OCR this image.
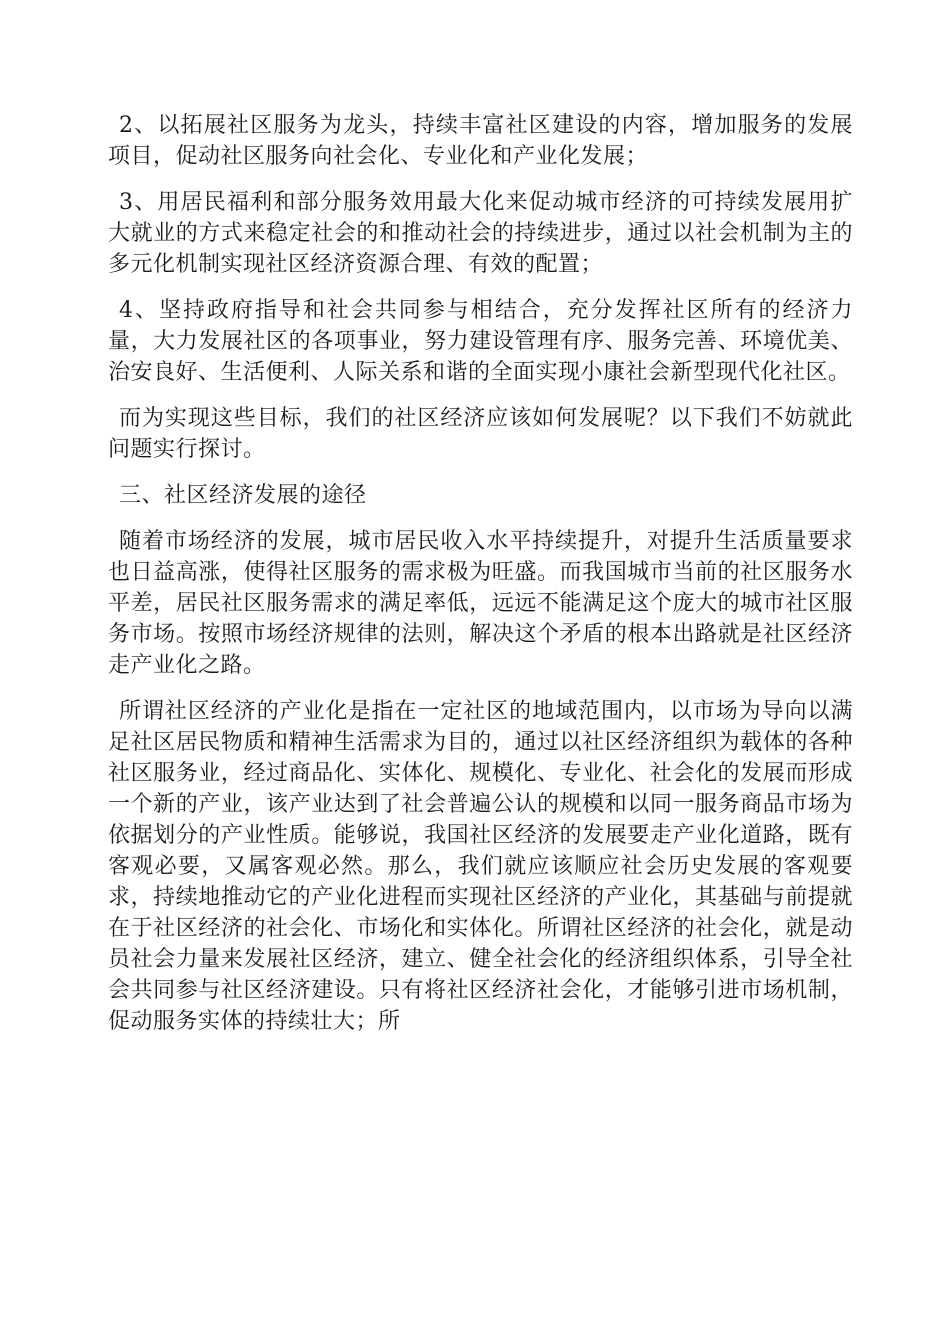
2、以拓展社区服务为龙头，持续丰富社区建设的内容，增加服务的发展项目，促动社区服务向社会化、专业化和产业化发展；

3、用居民福利和部分服务效用最大化来促动城市经济的可持续发展用扩大就业的方式来稳定社会的和推动社会的持续进步，通过以社会机制为主的多元化机制实现社区经济资源合理、有效的配置；

4、坚持政府指导和社会共同参与相结合，充分发挥社区所有的经济力量，大力发展社区的各项事业，努力建设管理有序、服务完善、环境优美、治安良好、生活便利、人际关系和谐的全面实现小康社会新型现代化社区。

而为实现这些目标，我们的社区经济应该如何发展呢？以下我们不妨就此问题实行探讨。

三、社区经济发展的途径

随着市场经济的发展，城市居民收入水平持续提升，对提升生活质量要求也日益高涨，使得社区服务的需求极为旺盛。而我国城市当前的社区服务水平差，居民社区服务需求的满足率低，远远不能满足这个庞大的城市社区服务市场。按照市场经济规律的法则，解决这个矛盾的根本出路就是社区经济走产业化之路。

所谓社区经济的产业化是指在一定社区的地域范围内，以市场为导向以满足社区居民物质和精神生活需求为目的，通过以社区经济组织为载体的各种社区服务业，经过商品化、实体化、规模化、专业化、社会化的发展而形成一个新的产业，该产业达到了社会普遍公认的规模和以同一服务商品市场为依据划分的产业性质。能够说，我国社区经济的发展要走产业化道路，既有客观必要，又属客观必然。那么，我们就应该顺应社会历史发展的客观要求，持续地推动它的产业化进程而实现社区经济的产业化，其基础与前提就在于社区经济的社会化、市场化和实体化。所谓社区经济的社会化，就是动员社会力量来发展社区经济，建立、健全社会化的经济组织体系，引导全社会共同参与社区经济建设。只有将社区经济社会化，才能够引进市场机制，促动服务实体的持续壮大；所
